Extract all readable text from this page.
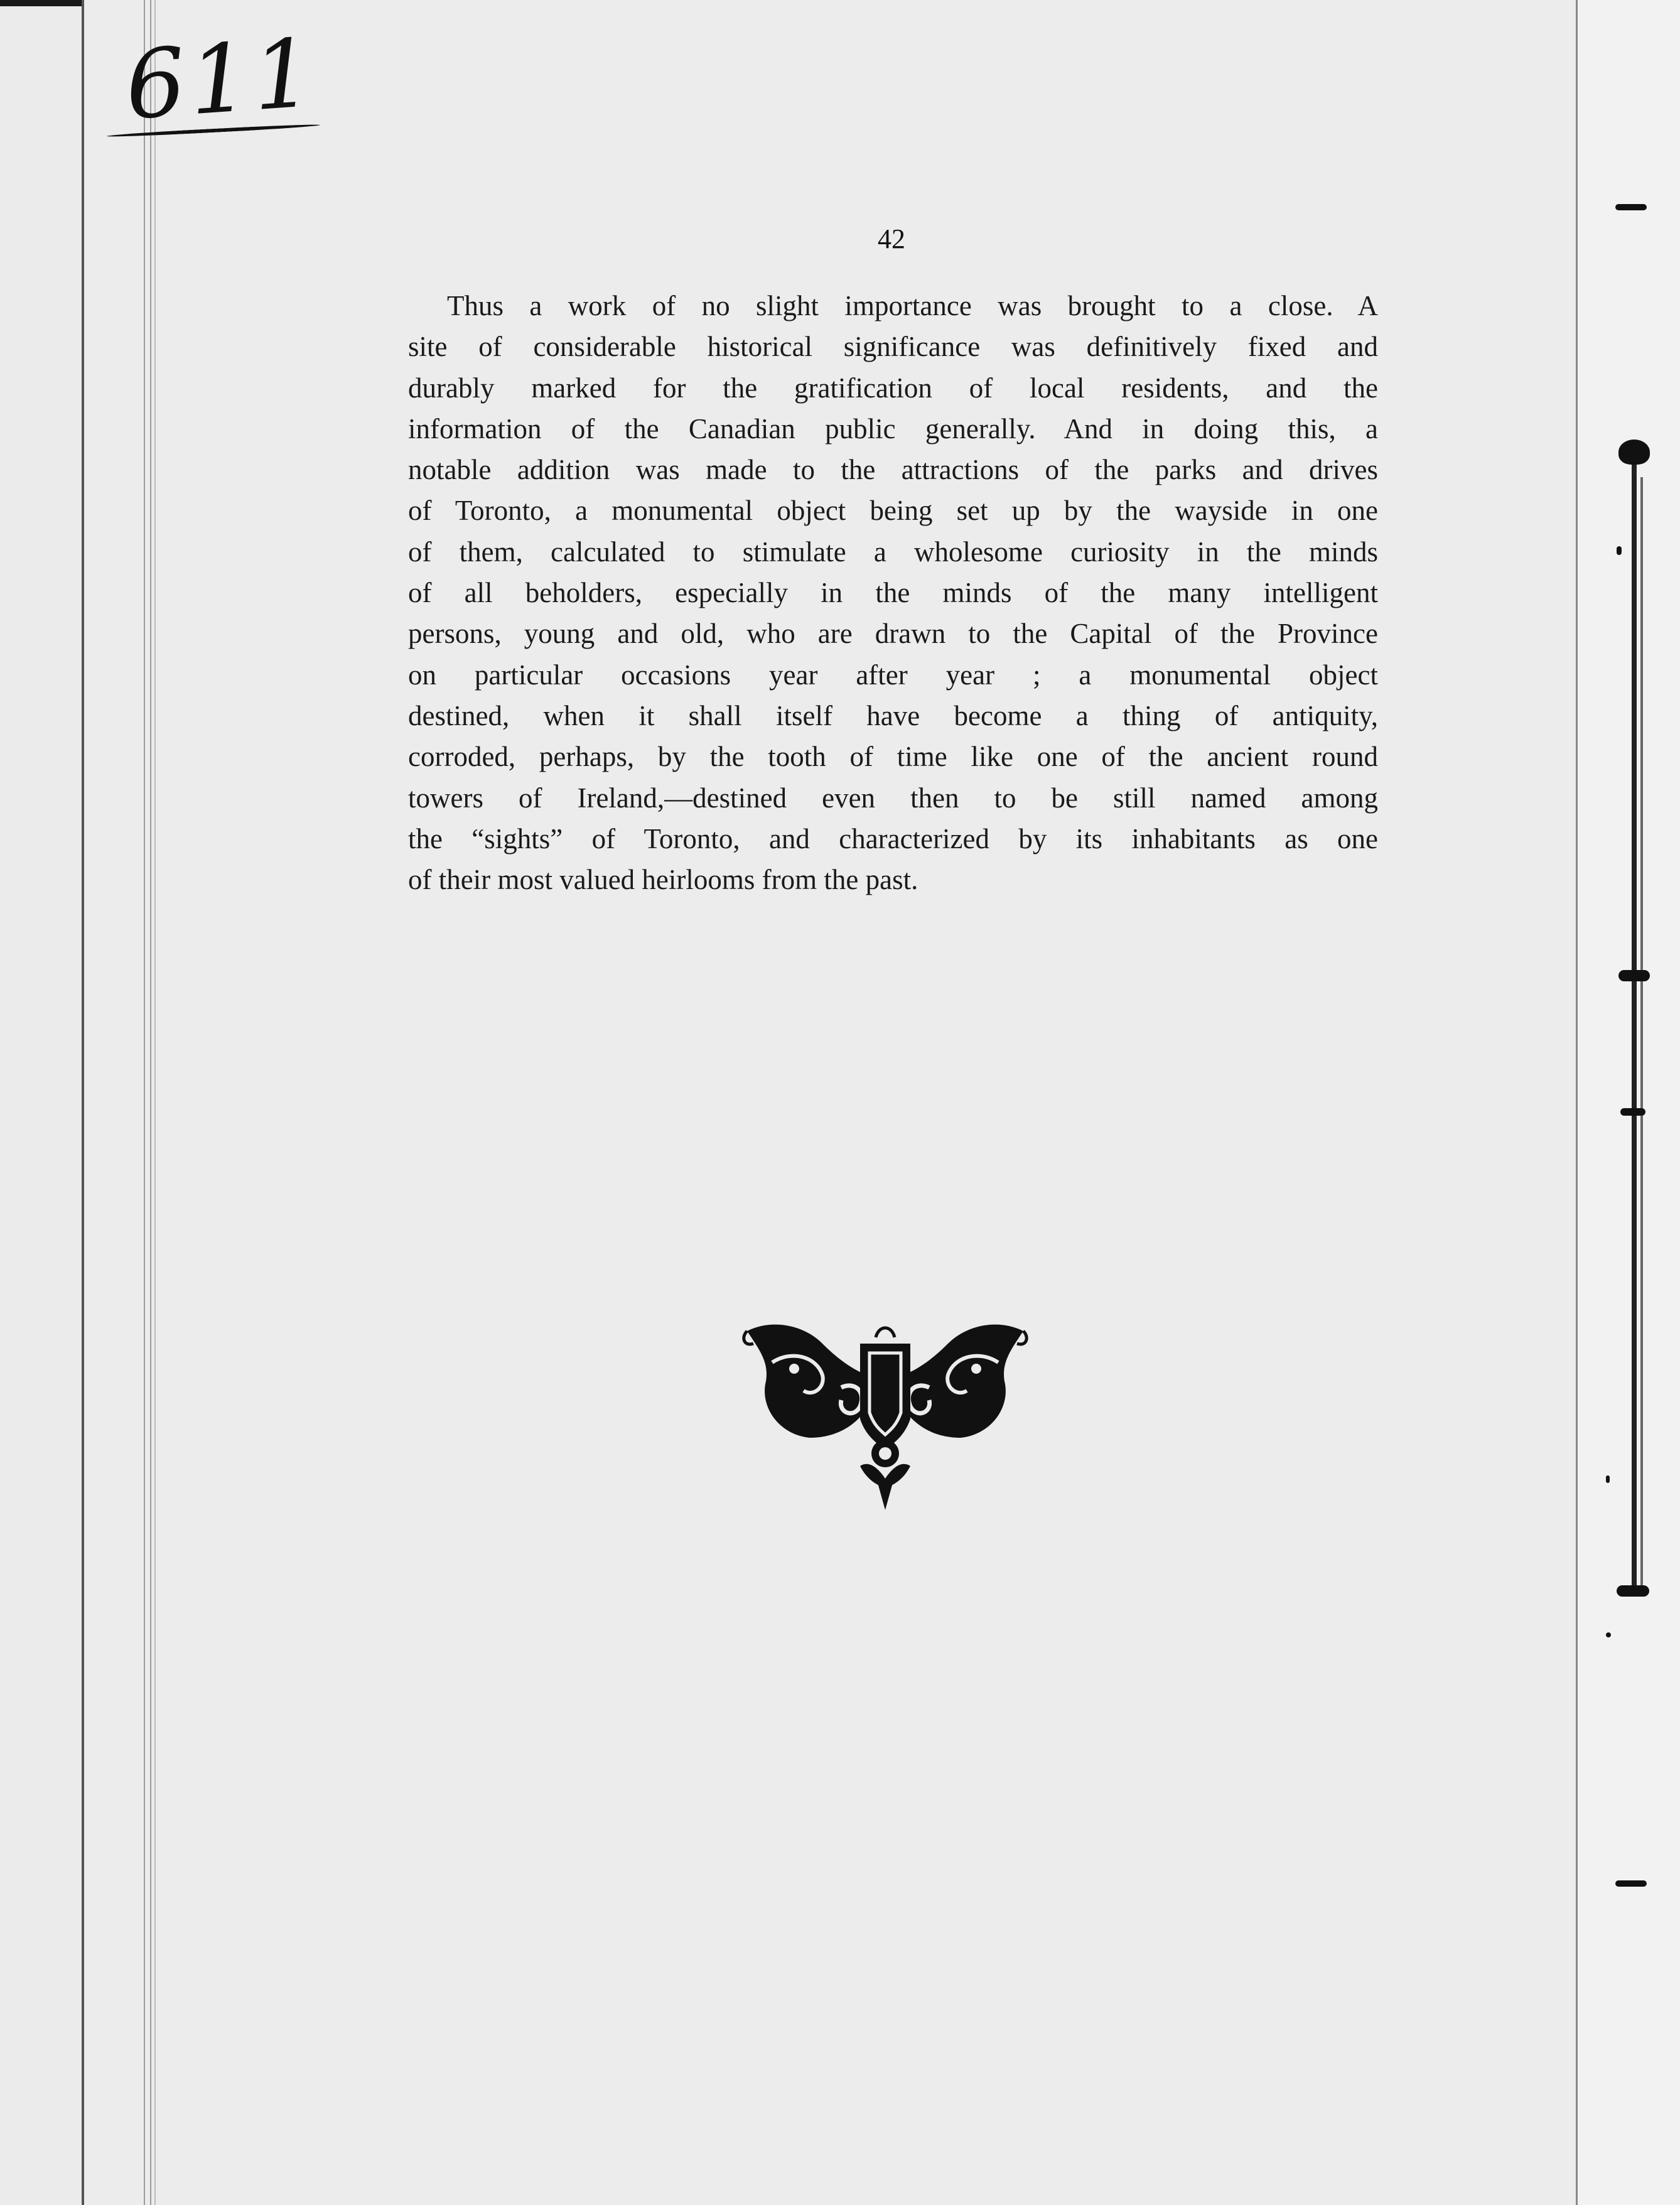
611
42
Thus a work of no slight importance was brought to a close. A
site of considerable historical significance was definitively fixed and
durably marked for the gratification of local residents, and the
information of the Canadian public generally. And in doing this, a
notable addition was made to the attractions of the parks and drives
of Toronto, a monumental object being set up by the wayside in one
of them, calculated to stimulate a wholesome curiosity in the minds
of all beholders, especially in the minds of the many intelligent
persons, young and old, who are drawn to the Capital of the Province
on particular occasions year after year ; a monumental object
destined, when it shall itself have become a thing of antiquity,
corroded, perhaps, by the tooth of time like one of the ancient round
towers of Ireland,—destined even then to be still named among
the “sights” of Toronto, and characterized by its inhabitants as one
of their most valued heirlooms from the past.
